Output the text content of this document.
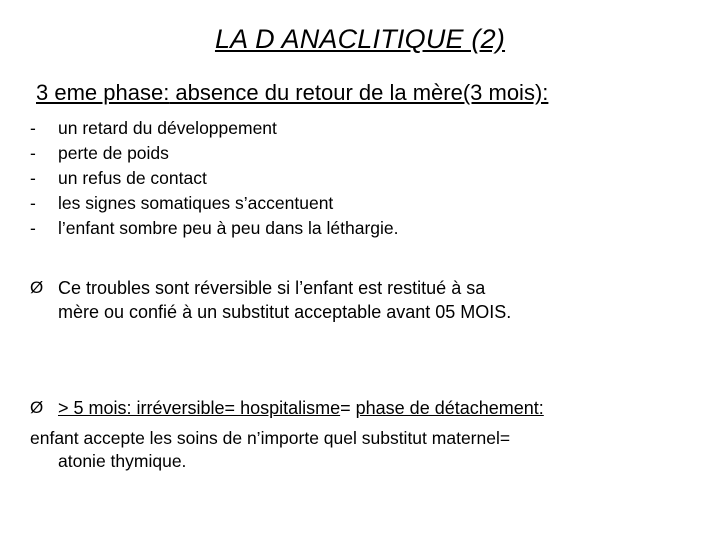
LA D ANACLITIQUE (2)
3 eme phase: absence du retour de la mère(3 mois):
-	un retard du développement
-	perte de poids
-	un refus de contact
-	les signes somatiques s’accentuent
-	l’enfant sombre peu à peu dans la léthargie.
Ø Ce troubles sont réversible si l’enfant est restitué à sa
mère ou confié à un substitut acceptable avant 05 MOIS.
Ø > 5 mois: irréversible= hospitalisme= phase de détachement:
enfant accepte les soins de n’importe quel substitut maternel=
atonie thymique.
